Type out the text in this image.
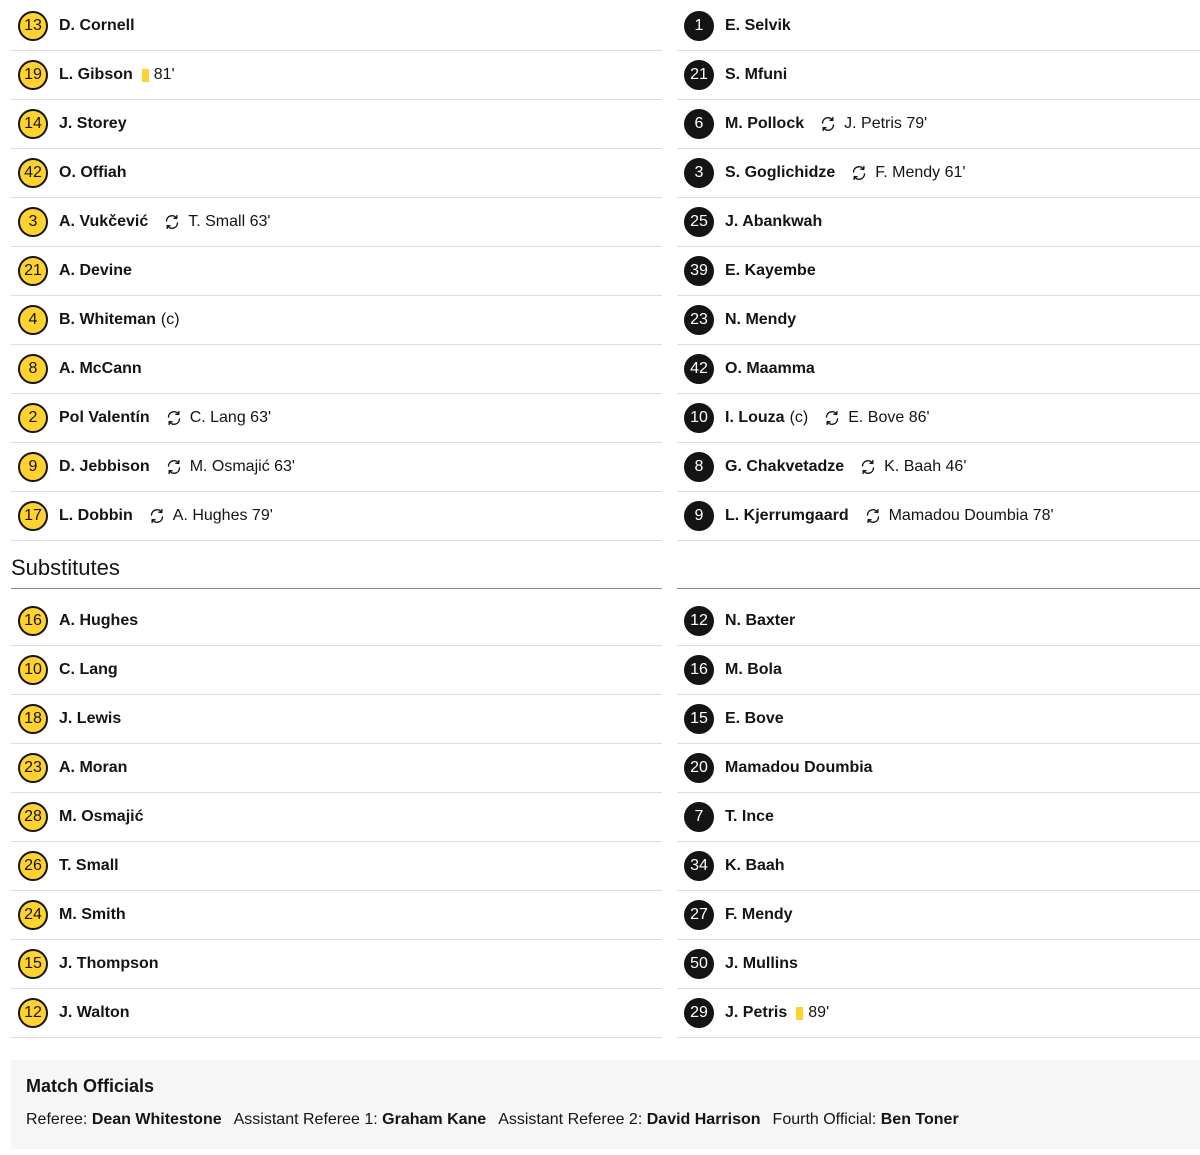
13	D. Cornell
19	L. Gibson 81'
14	J. Storey
42	O. Offiah
3	A. Vukčević	T. Small 63'
21	A. Devine
4	B. Whiteman (c)
8	A. McCann
2	Pol Valentín	C. Lang 63'
9	D. Jebbison	M. Osmajić 63'
17	L. Dobbin	A. Hughes 79'
1	E. Selvik
21	S. Mfuni
6	M. Pollock	J. Petris 79'
3	S. Goglichidze	F. Mendy 61'
25	J. Abankwah
39	E. Kayembe
23	N. Mendy
42	O. Maamma
10	I. Louza (c)	E. Bove 86'
8	G. Chakvetadze	K. Baah 46'
9	L. Kjerrumgaard	Mamadou Doumbia 78'
Substitutes
16	A. Hughes
10	C. Lang
18	J. Lewis
23	A. Moran
28	M. Osmajić
26	T. Small
24	M. Smith
15	J. Thompson
12	J. Walton
12	N. Baxter
16	M. Bola
15	E. Bove
20	Mamadou Doumbia
7	T. Ince
34	K. Baah
27	F. Mendy
50	J. Mullins
29	J. Petris 89'
Match Officials
Referee: Dean Whitestone Assistant Referee 1: Graham Kane Assistant Referee 2: David Harrison Fourth Official: Ben Toner
